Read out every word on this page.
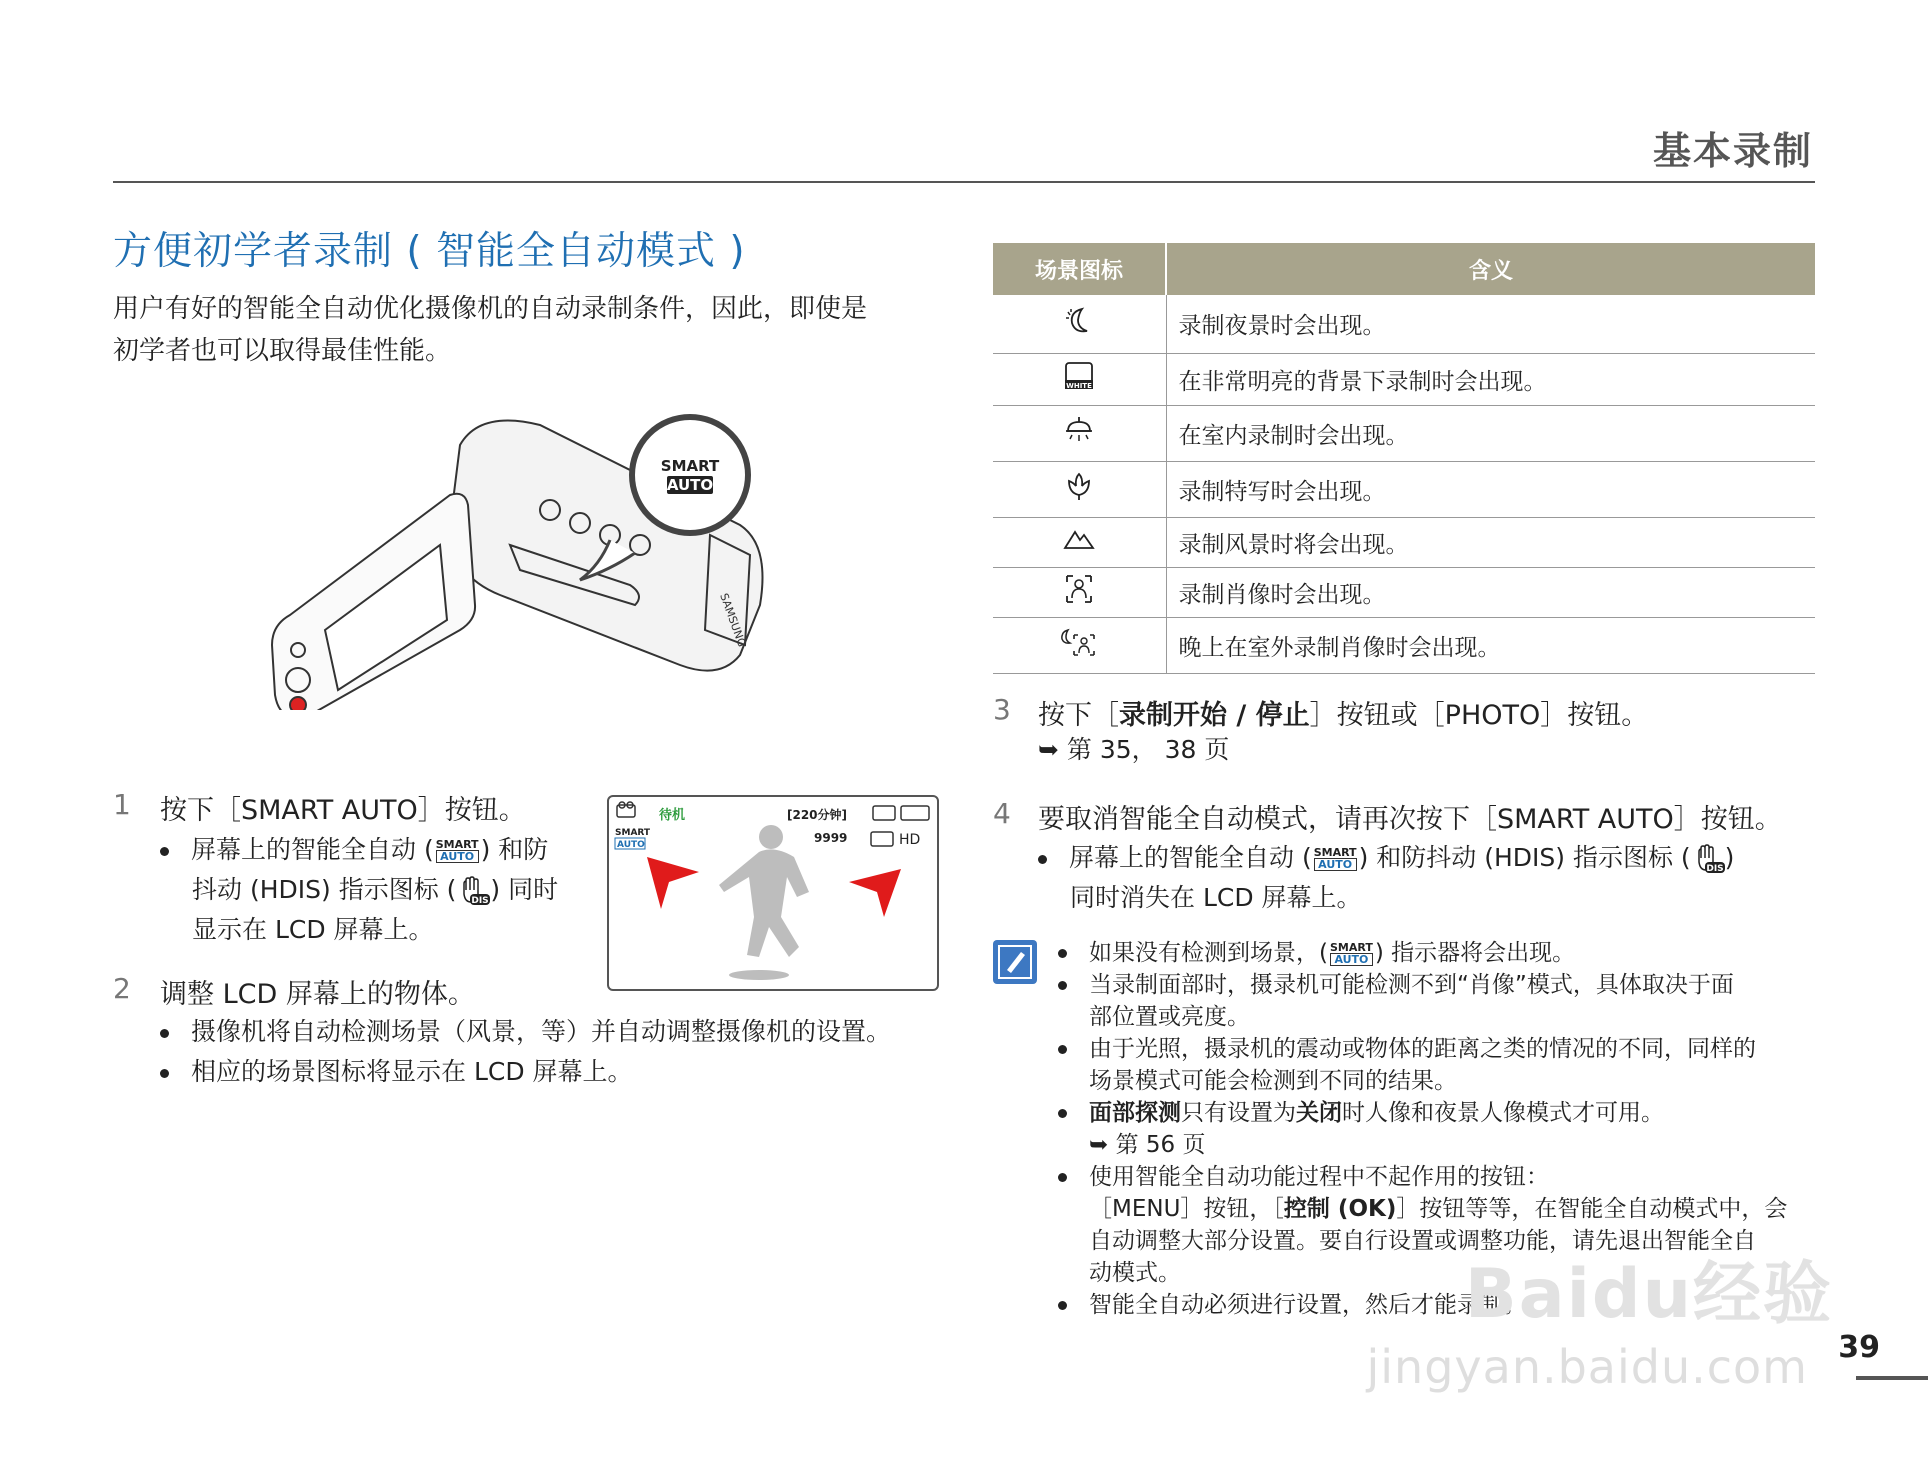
基本录制
方便初学者录制 ( 智能全自动模式 )
用户有好的智能全自动优化摄像机的自动录制条件，因此，即使是
初学者也可以取得最佳性能。
SAMSUNG
SMART
AUTO
1 按下［SMART AUTO］按钮。
屏幕上的智能全自动 ( SMART
AUTO ) 和防
抖动 (HDIS) 指示图标 ( DIS ) 同时
显示在 LCD 屏幕上。
待机	[220分钟]
9999	HD
SMART
AUTO
2 调整 LCD 屏幕上的物体。
摄像机将自动检测场景（风景，等）并自动调整摄像机的设置。
相应的场景图标将显示在 LCD 屏幕上。
场景图标	含义
	录制夜景时会出现。

WHITE	在非常明亮的背景下录制时会出现。
	在室内录制时会出现。
	录制特写时会出现。
	录制风景时将会出现。
	录制肖像时会出现。
	晚上在室外录制肖像时会出现。
3 按下［录制开始 / 停止］按钮或［PHOTO］按钮。
➥ 第 35， 38 页
4 要取消智能全自动模式，请再次按下［SMART AUTO］按钮。
屏幕上的智能全自动 ( SMART
AUTO ) 和防抖动 (HDIS) 指示图标 ( DIS )
同时消失在 LCD 屏幕上。
如果没有检测到场景，( SMART
AUTO ) 指示器将会出现。
当录制面部时，摄录机可能检测不到“肖像”模式，具体取决于面
部位置或亮度。
由于光照，摄录机的震动或物体的距离之类的情况的不同，同样的
场景模式可能会检测到不同的结果。
面部探测只有设置为关闭时人像和夜景人像模式才可用。
➥ 第 56 页
使用智能全自动功能过程中不起作用的按钮：
［MENU］按钮，［控制 (OK)］按钮等等，在智能全自动模式中，会
自动调整大部分设置。要自行设置或调整功能，请先退出智能全自
动模式。
智能全自动必须进行设置，然后才能录制。
Baidu经验
jingyan.baidu.com 39
